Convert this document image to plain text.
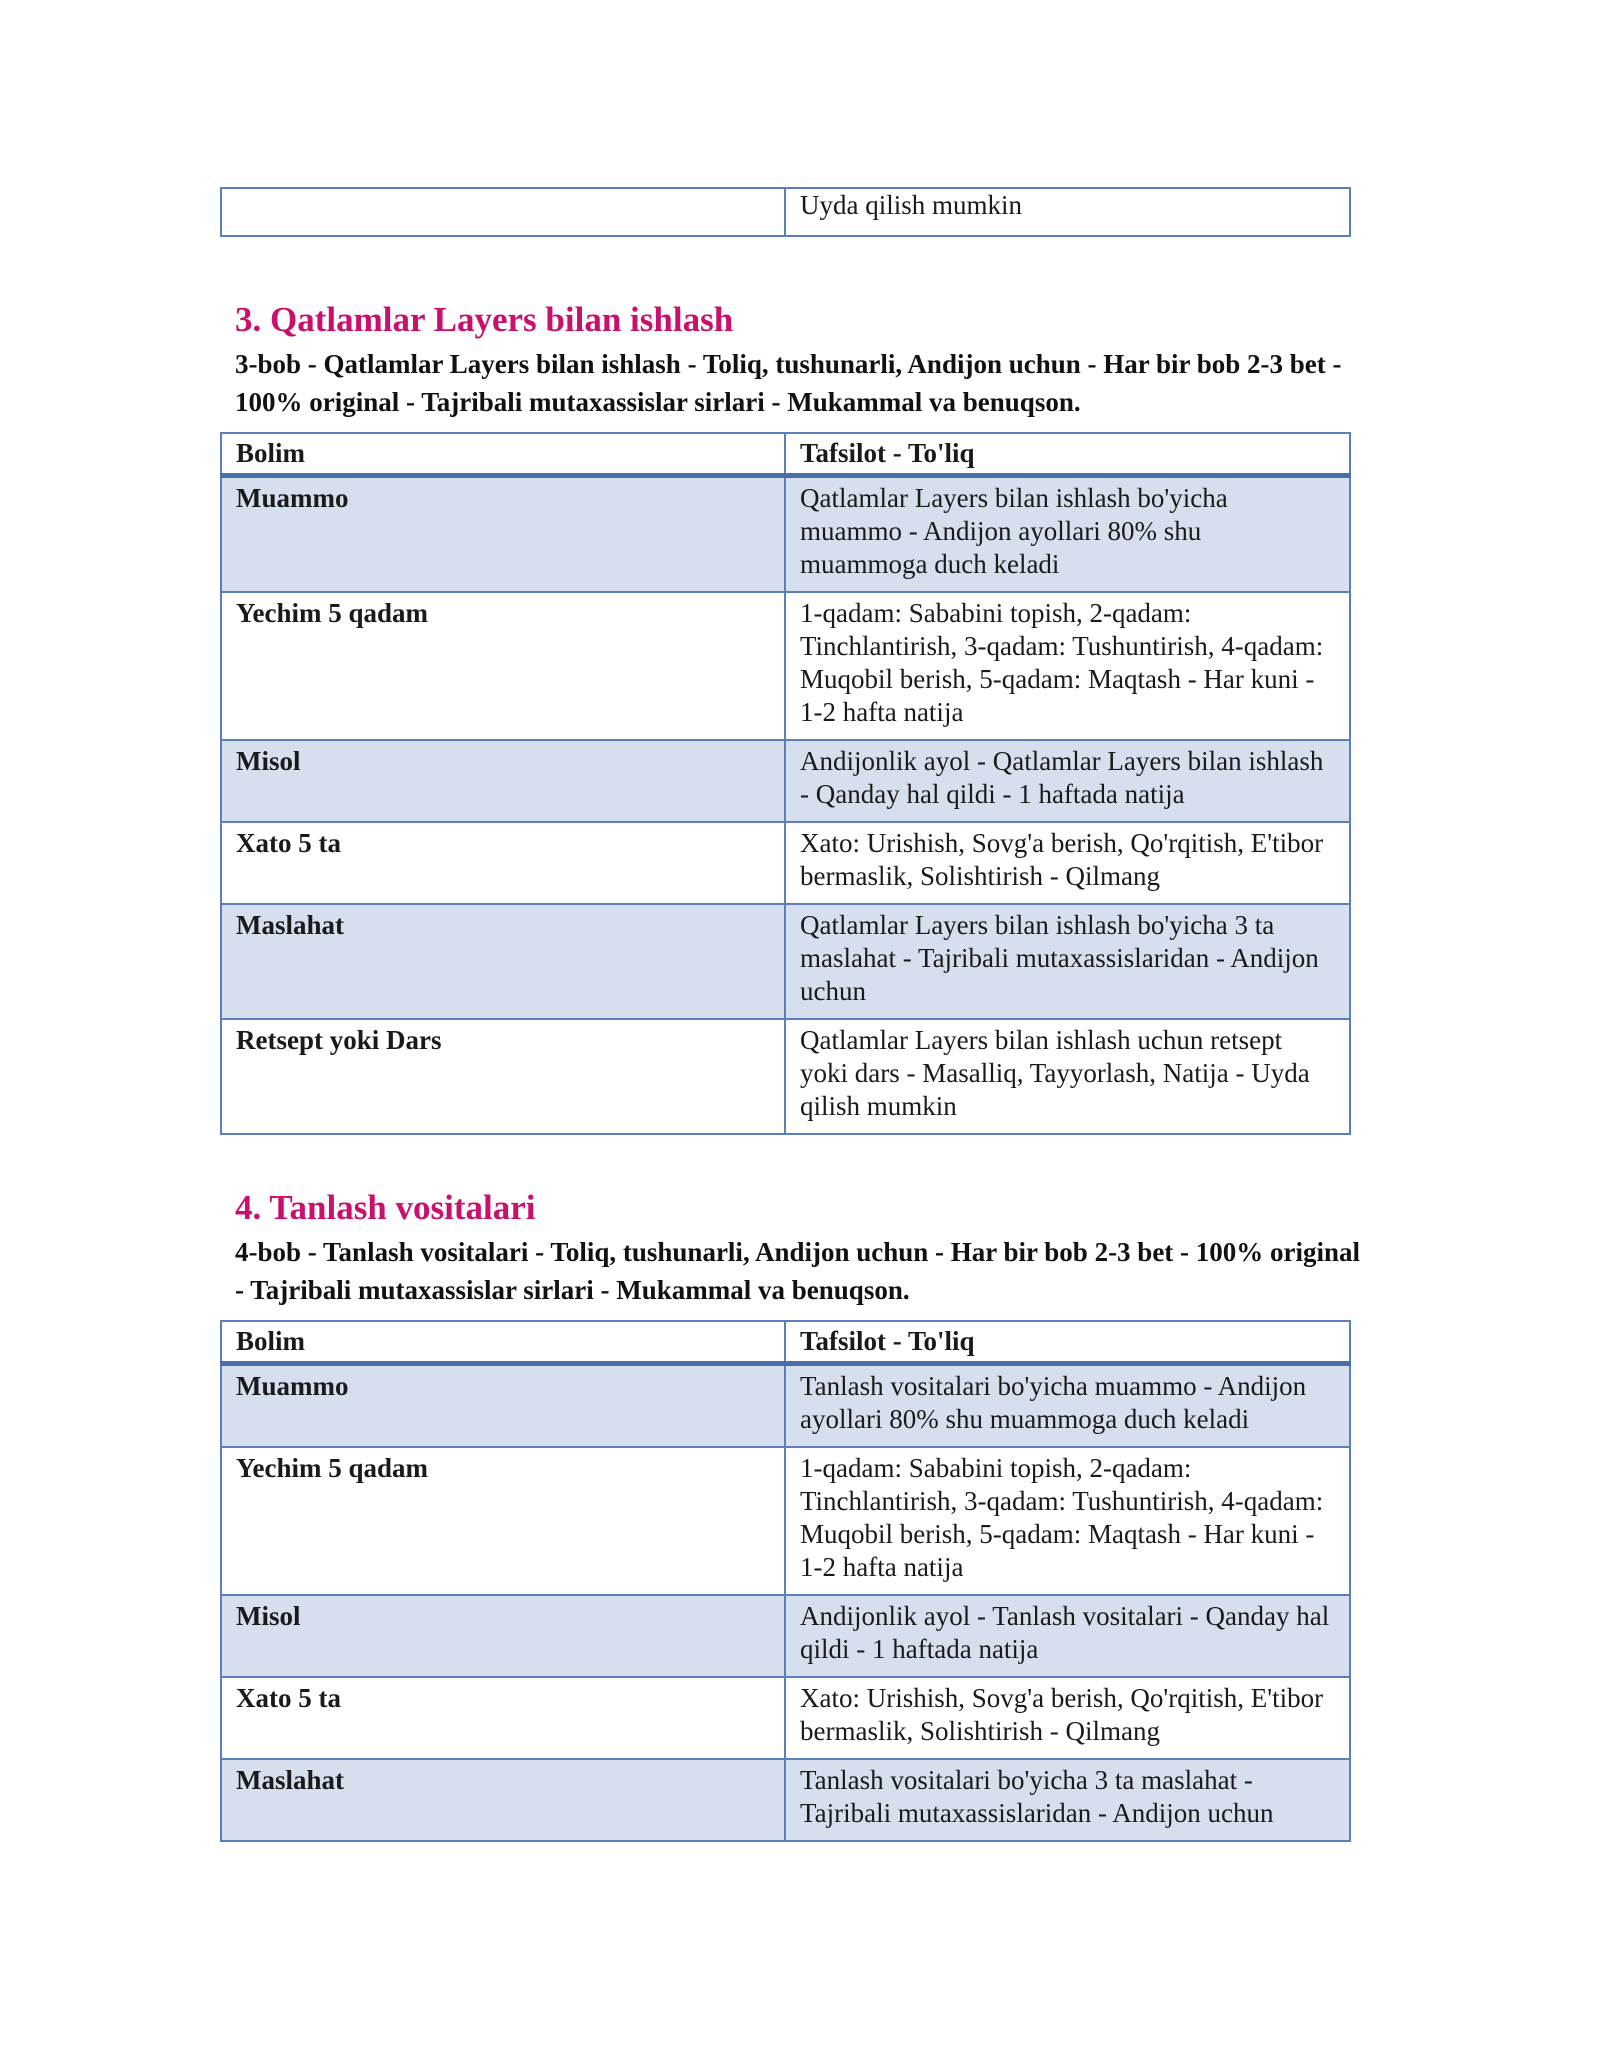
	Uyda qilish mumkin
3. Qatlamlar Layers bilan ishlash

3-bob - Qatlamlar Layers bilan ishlash - Toliq, tushunarli, Andijon uchun - Har bir bob 2-3 bet - 100% original - Tajribali mutaxassislar sirlari - Mukammal va benuqson.

Bolim	Tafsilot - To'liq
Muammo	Qatlamlar Layers bilan ishlash bo'yicha muammo - Andijon ayollari 80% shu muammoga duch keladi
Yechim 5 qadam	1-qadam: Sababini topish, 2-qadam: Tinchlantirish, 3-qadam: Tushuntirish, 4-qadam: Muqobil berish, 5-qadam: Maqtash - Har kuni - 1-2 hafta natija
Misol	Andijonlik ayol - Qatlamlar Layers bilan ishlash - Qanday hal qildi - 1 haftada natija
Xato 5 ta	Xato: Urishish, Sovg'a berish, Qo'rqitish, E'tibor bermaslik, Solishtirish - Qilmang
Maslahat	Qatlamlar Layers bilan ishlash bo'yicha 3 ta maslahat - Tajribali mutaxassislaridan - Andijon uchun
Retsept yoki Dars	Qatlamlar Layers bilan ishlash uchun retsept yoki dars - Masalliq, Tayyorlash, Natija - Uyda qilish mumkin
4. Tanlash vositalari

4-bob - Tanlash vositalari - Toliq, tushunarli, Andijon uchun - Har bir bob 2-3 bet - 100% original - Tajribali mutaxassislar sirlari - Mukammal va benuqson.

Bolim	Tafsilot - To'liq
Muammo	Tanlash vositalari bo'yicha muammo - Andijon ayollari 80% shu muammoga duch keladi
Yechim 5 qadam	1-qadam: Sababini topish, 2-qadam: Tinchlantirish, 3-qadam: Tushuntirish, 4-qadam: Muqobil berish, 5-qadam: Maqtash - Har kuni - 1-2 hafta natija
Misol	Andijonlik ayol - Tanlash vositalari - Qanday hal qildi - 1 haftada natija
Xato 5 ta	Xato: Urishish, Sovg'a berish, Qo'rqitish, E'tibor bermaslik, Solishtirish - Qilmang
Maslahat	Tanlash vositalari bo'yicha 3 ta maslahat - Tajribali mutaxassislaridan - Andijon uchun
